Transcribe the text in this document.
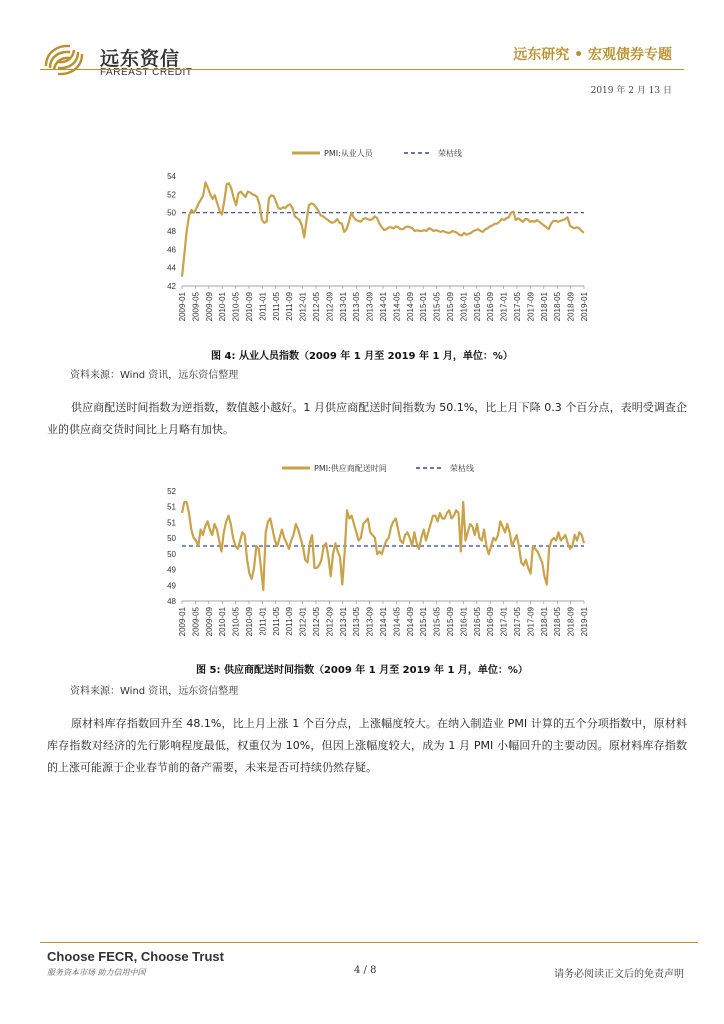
远东资信
FAREAST CREDIT
远东研究 • 宏观债券专题
2019 年 2 月 13 日
PMI:从业人员	荣枯线
42
44
46
48
50
52
54
2009-01 2009-05 2009-09 2010-01 2010-05 2010-09 2011-01 2011-05 2011-09 2012-01 2012-05 2012-09 2013-01 2013-05 2013-09 2014-01 2014-05 2014-09 2015-01 2015-05 2015-09 2016-01 2016-05 2016-09 2017-01 2017-05 2017-09 2018-01 2018-05 2018-09 2019-01
图 4: 从业人员指数（2009 年 1 月至 2019 年 1 月，单位：%）
资料来源：Wind 资讯，远东资信整理
供应商配送时间指数为逆指数，数值越小越好。1 月供应商配送时间指数为 50.1%，比上月下降 0.3 个百分点，表明受调查企业的供应商交货时间比上月略有加快。
PMI:供应商配送时间	荣枯线
48
49
49
50
50
51
51
52
2009-01 2009-05 2009-09 2010-01 2010-05 2010-09 2011-01 2011-05 2011-09 2012-01 2012-05 2012-09 2013-01 2013-05 2013-09 2014-01 2014-05 2014-09 2015-01 2015-05 2015-09 2016-01 2016-05 2016-09 2017-01 2017-05 2017-09 2018-01 2018-05 2018-09 2019-01
图 5: 供应商配送时间指数（2009 年 1 月至 2019 年 1 月，单位：%）
资料来源：Wind 资讯，远东资信整理
原材料库存指数回升至 48.1%，比上月上涨 1 个百分点，上涨幅度较大。在纳入制造业 PMI 计算的五个分项指数中，原材料库存指数对经济的先行影响程度最低，权重仅为 10%，但因上涨幅度较大，成为 1 月 PMI 小幅回升的主要动因。原材料库存指数的上涨可能源于企业春节前的备产需要，未来是否可持续仍然存疑。
Choose FECR, Choose Trust
服务资本市场 助力信用中国	4 / 8	请务必阅读正文后的免责声明
